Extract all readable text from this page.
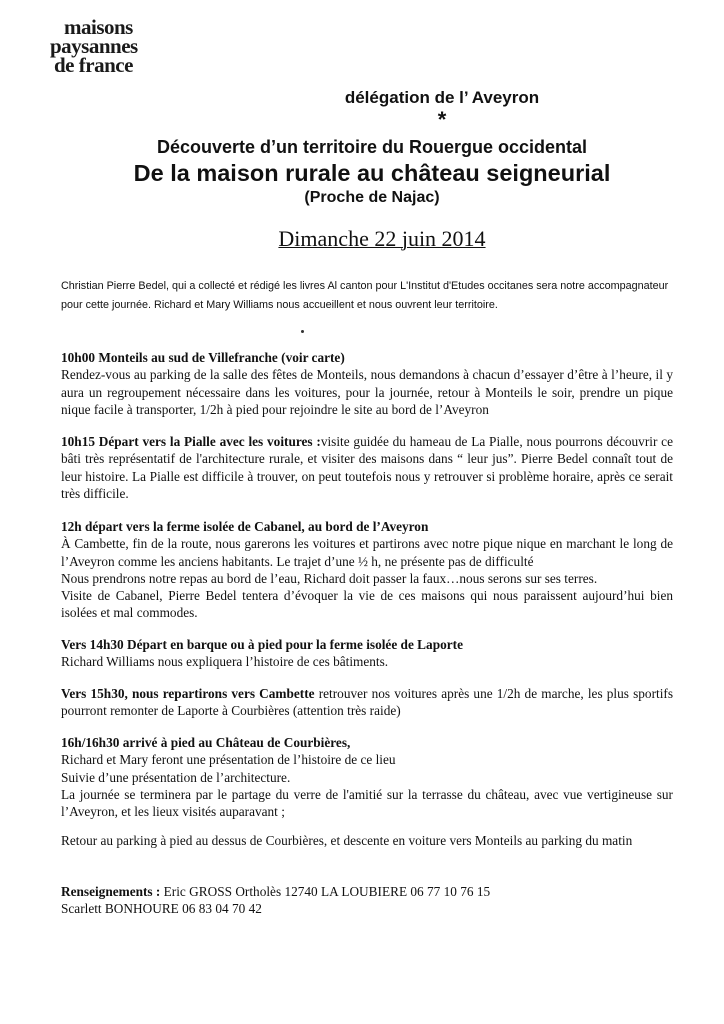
maisons
paysannes
de france
délégation de l’ Aveyron
*
Découverte d’un territoire du Rouergue occidental
De la maison rurale au château seigneurial
(Proche de Najac)
Dimanche 22 juin 2014
Christian Pierre Bedel, qui a collecté et rédigé les livres Al canton pour L'Institut d'Etudes occitanes sera notre accompagnateur pour cette journée. Richard et Mary Williams nous accueillent et nous ouvrent leur territoire.

10h00 Monteils au sud de Villefranche (voir carte)

Rendez-vous au parking de la salle des fêtes de Monteils, nous demandons à chacun d’essayer d’être à l’heure, il y aura un regroupement nécessaire dans les voitures, pour la journée, retour à Monteils le soir, prendre un pique nique facile à transporter, 1/2h à pied pour rejoindre le site au bord de l’Aveyron

10h15 Départ vers la Pialle avec les voitures :visite guidée du hameau de La Pialle, nous pourrons découvrir ce bâti très représentatif de l'architecture rurale, et visiter des maisons dans “ leur jus”. Pierre Bedel connaît tout de leur histoire. La Pialle est difficile à trouver, on peut toutefois nous y retrouver si problème horaire, après ce serait très difficile.

12h départ vers la ferme isolée de Cabanel, au bord de l’Aveyron

À Cambette, fin de la route, nous garerons les voitures et partirons avec notre pique nique en marchant le long de l’Aveyron comme les anciens habitants. Le trajet d’une ½ h, ne présente pas de difficulté

Nous prendrons notre repas au bord de l’eau, Richard doit passer la faux…nous serons sur ses terres.

Visite de Cabanel, Pierre Bedel tentera d’évoquer la vie de ces maisons qui nous paraissent aujourd’hui bien isolées et mal commodes.

Vers 14h30 Départ en barque ou à pied pour la ferme isolée de Laporte

Richard Williams nous expliquera l’histoire de ces bâtiments.

Vers 15h30, nous repartirons vers Cambette retrouver nos voitures après une 1/2h de marche, les plus sportifs pourront remonter de Laporte à Courbières (attention très raide)

16h/16h30 arrivé à pied au Château de Courbières,

Richard et Mary feront une présentation de l’histoire de ce lieu

Suivie d’une présentation de l’architecture.

La journée se terminera par le partage du verre de l'amitié sur la terrasse du château, avec vue vertigineuse sur l’Aveyron, et les lieux visités auparavant ;

Retour au parking à pied au dessus de Courbières, et descente en voiture vers Monteils au parking du matin

Renseignements : Eric GROSS Ortholès 12740 LA LOUBIERE 06 77 10 76 15

Scarlett BONHOURE 06 83 04 70 42
